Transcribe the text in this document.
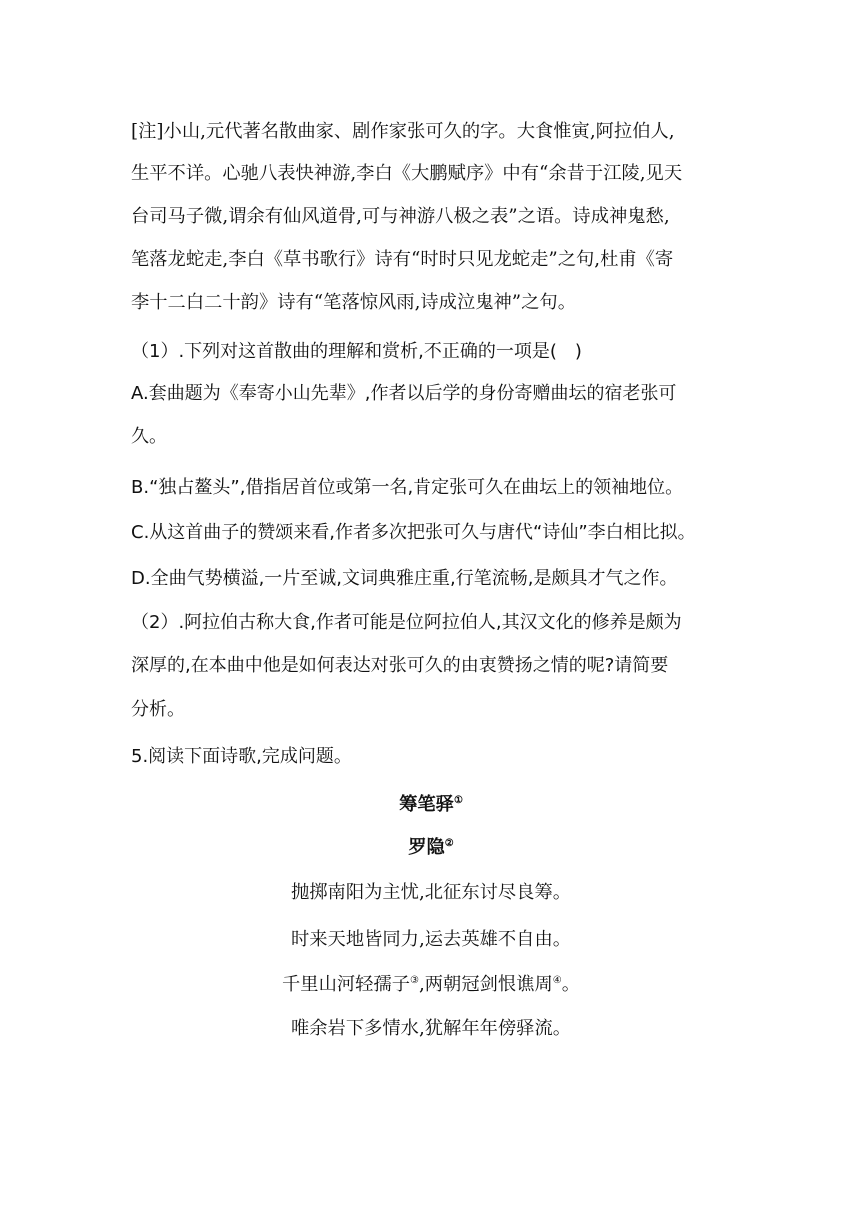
[注]小山,元代著名散曲家、剧作家张可久的字。大食惟寅,阿拉伯人,
生平不详。心驰八表快神游,李白《大鹏赋序》中有“余昔于江陵,见天
台司马子微,谓余有仙风道骨,可与神游八极之表”之语。诗成神鬼愁,
笔落龙蛇走,李白《草书歌行》诗有“时时只见龙蛇走”之句,杜甫《寄
李十二白二十韵》诗有“笔落惊风雨,诗成泣鬼神”之句。
（1）.下列对这首散曲的理解和赏析,不正确的一项是(　)
A.套曲题为《奉寄小山先辈》,作者以后学的身份寄赠曲坛的宿老张可
久。
B.“独占鳌头”,借指居首位或第一名,肯定张可久在曲坛上的领袖地位。
C.从这首曲子的赞颂来看,作者多次把张可久与唐代“诗仙”李白相比拟。
D.全曲气势横溢,一片至诚,文词典雅庄重,行笔流畅,是颇具才气之作。
（2）.阿拉伯古称大食,作者可能是位阿拉伯人,其汉文化的修养是颇为
深厚的,在本曲中他是如何表达对张可久的由衷赞扬之情的呢?请简要
分析。
5.阅读下面诗歌,完成问题。
筹笔驿①
罗隐②
抛掷南阳为主忧,北征东讨尽良筹。
时来天地皆同力,运去英雄不自由。
千里山河轻孺子③,两朝冠剑恨谯周④。
唯余岩下多情水,犹解年年傍驿流。
